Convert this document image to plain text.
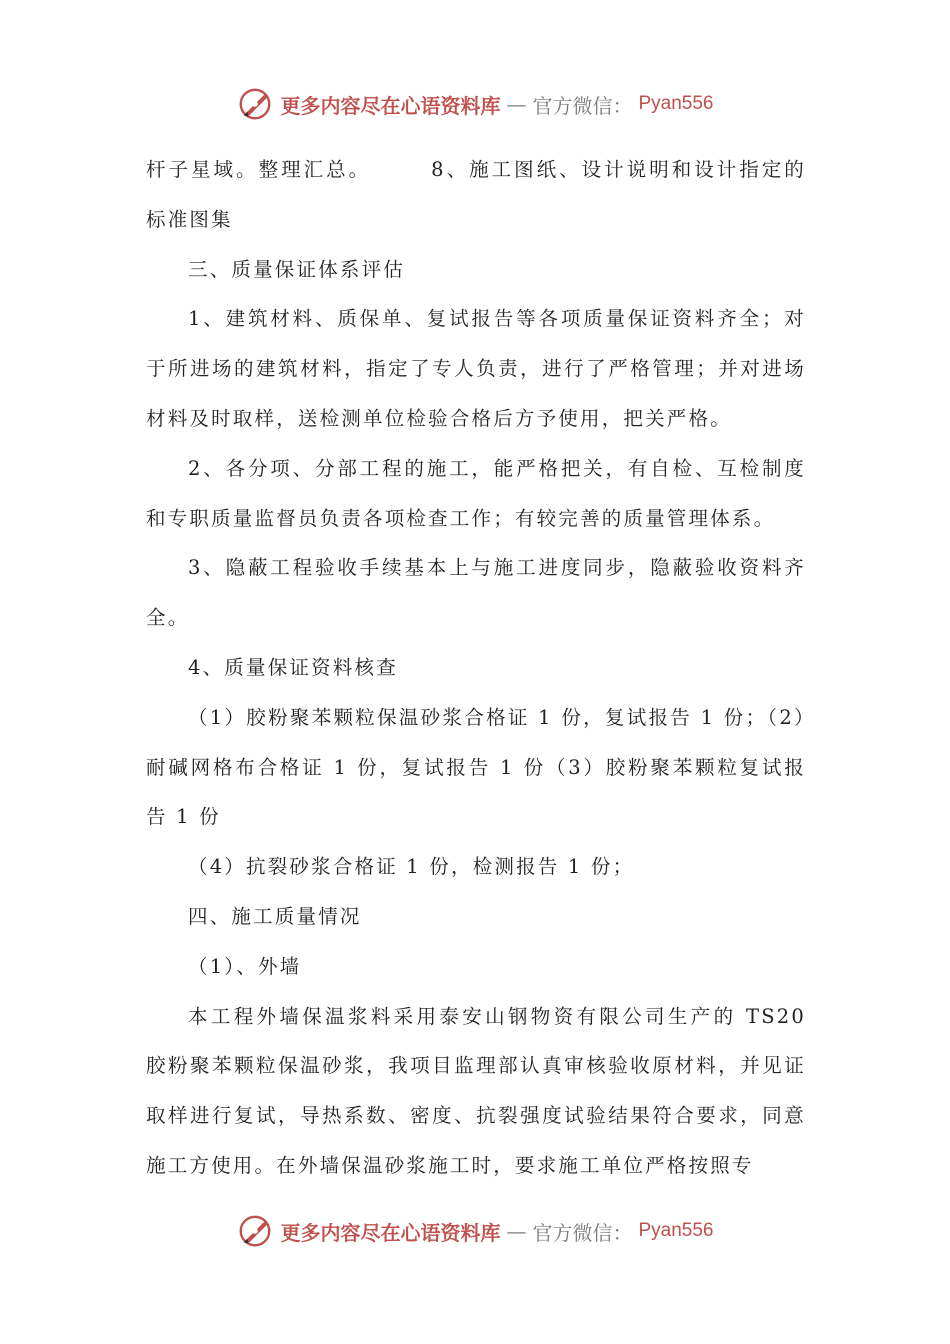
更多内容尽在心语资料库 — 官方微信： Pyan556

杆子星域。整理汇总。	8、施工图纸、设计说明和设计指定的标准图集

三、质量保证体系评估

1、建筑材料、质保单、复试报告等各项质量保证资料齐全；对于所进场的建筑材料，指定了专人负责，进行了严格管理；并对进场材料及时取样，送检测单位检验合格后方予使用，把关严格。

2、各分项、分部工程的施工，能严格把关，有自检、互检制度和专职质量监督员负责各项检查工作；有较完善的质量管理体系。

3、隐蔽工程验收手续基本上与施工进度同步，隐蔽验收资料齐全。

4、质量保证资料核查

（1）胶粉聚苯颗粒保温砂浆合格证 1 份，复试报告 1 份；（2）耐碱网格布合格证 1 份，复试报告 1 份（3）胶粉聚苯颗粒复试报告 1 份

（4）抗裂砂浆合格证 1 份，检测报告 1 份；

四、施工质量情况

（1）、外墙

本工程外墙保温浆料采用泰安山钢物资有限公司生产的 TS20 胶粉聚苯颗粒保温砂浆，我项目监理部认真审核验收原材料，并见证取样进行复试，导热系数、密度、抗裂强度试验结果符合要求，同意施工方使用。在外墙保温砂浆施工时，要求施工单位严格按照专

更多内容尽在心语资料库 — 官方微信： Pyan556
